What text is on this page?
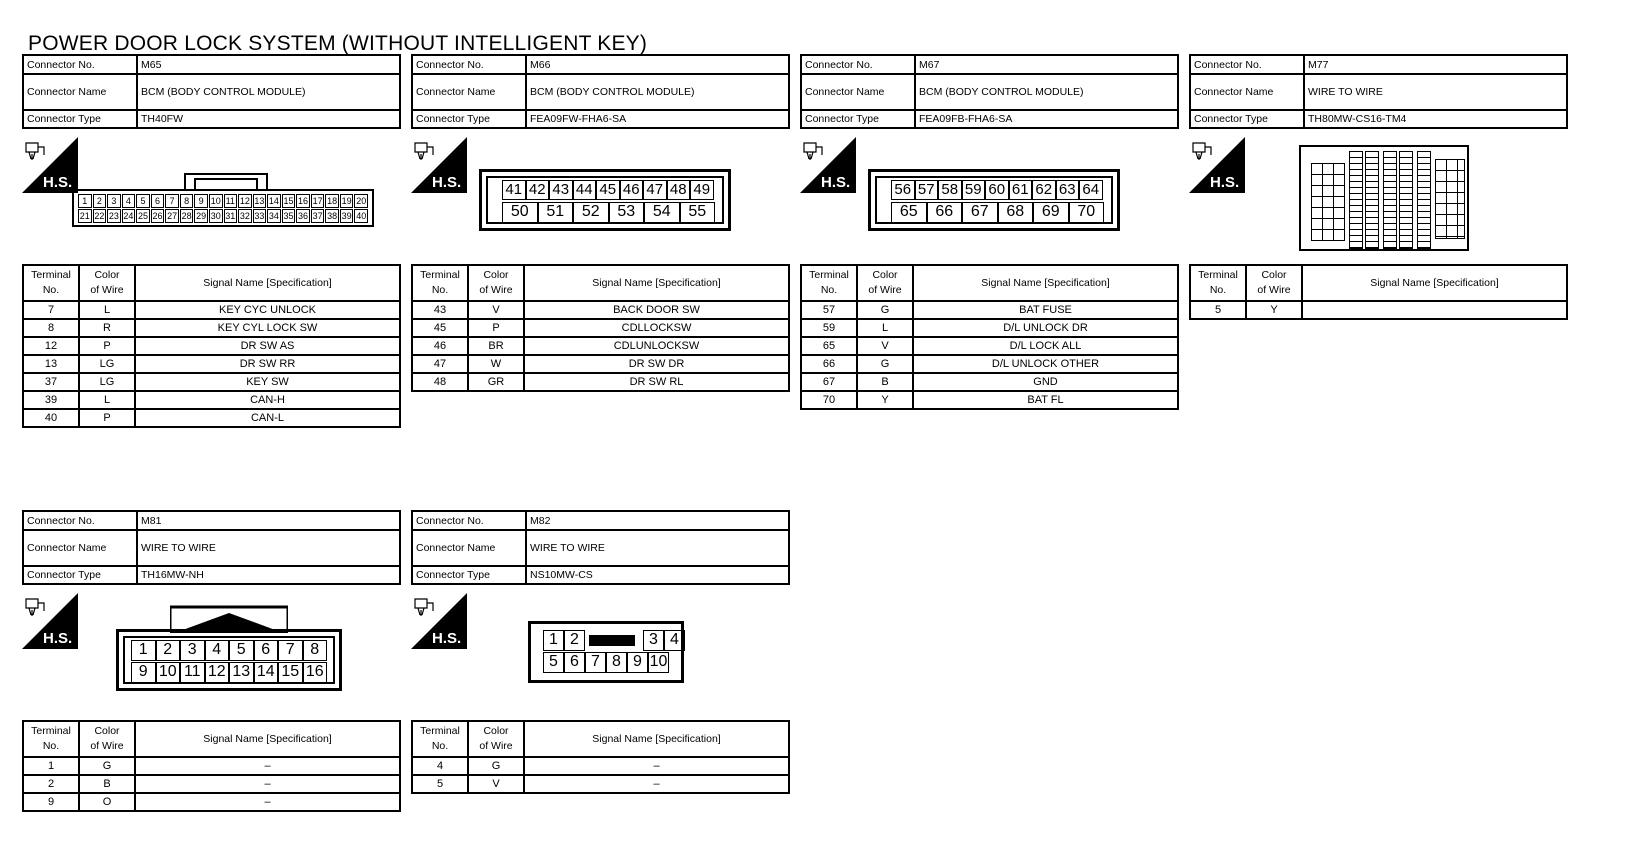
POWER DOOR LOCK SYSTEM (WITHOUT INTELLIGENT KEY)
Connector No.	M65
Connector Name	BCM (BODY CONTROL MODULE)
Connector Type	TH40FW
H.S.
1	2	3	4	5	6	7	8	9 10 11 12 13 14 15 16 17 18 19 20
21 22 23 24 25 26 27 28 29 30 31 32 33 34 35 36 37 38 39 40
Terminal
No.	Color
of Wire	Signal Name [Specification]
7	L	KEY CYC UNLOCK
8	R	KEY CYL LOCK SW
12	P	DR SW AS
13	LG	DR SW RR
37	LG	KEY SW
39	L	CAN-H
40	P	CAN-L
Connector No.	M66
Connector Name	BCM (BODY CONTROL MODULE)
Connector Type	FEA09FW-FHA6-SA
H.S.	41 42 43 44 45 46 47 48 49
50	51	52	53	54	55
Terminal
No.	Color
of Wire	Signal Name [Specification]
43	V	BACK DOOR SW
45	P	CDLLOCKSW
46	BR	CDLUNLOCKSW
47	W	DR SW DR
48	GR	DR SW RL
Connector No.	M67
Connector Name	BCM (BODY CONTROL MODULE)
Connector Type	FEA09FB-FHA6-SA
H.S.	56 57 58 59 60 61 62 63 64
65	66	67	68	69	70
Terminal
No.	Color
of Wire	Signal Name [Specification]
57	G	BAT FUSE
59	L	D/L UNLOCK DR
65	V	D/L LOCK ALL
66	G	D/L UNLOCK OTHER
67	B	GND
70	Y	BAT FL
Connector No.	M77
Connector Name	WIRE TO WIRE
Connector Type	TH80MW-CS16-TM4
H.S.
Terminal
No.	Color
of Wire	Signal Name [Specification]
5	Y	
Connector No.	M81
Connector Name	WIRE TO WIRE
Connector Type	TH16MW-NH
H.S.
1 2 3 4 5 6 7 8
9 10 11 12 13 14 15 16
Terminal
No.	Color
of Wire	Signal Name [Specification]
1	G	–
2	B	–
9	O	–
Connector No.	M82
Connector Name	WIRE TO WIRE
Connector Type	NS10MW-CS
H.S.	1 2	3 4
5 6 7 8 9 10
Terminal
No.	Color
of Wire	Signal Name [Specification]
4	G	–
5	V	–
